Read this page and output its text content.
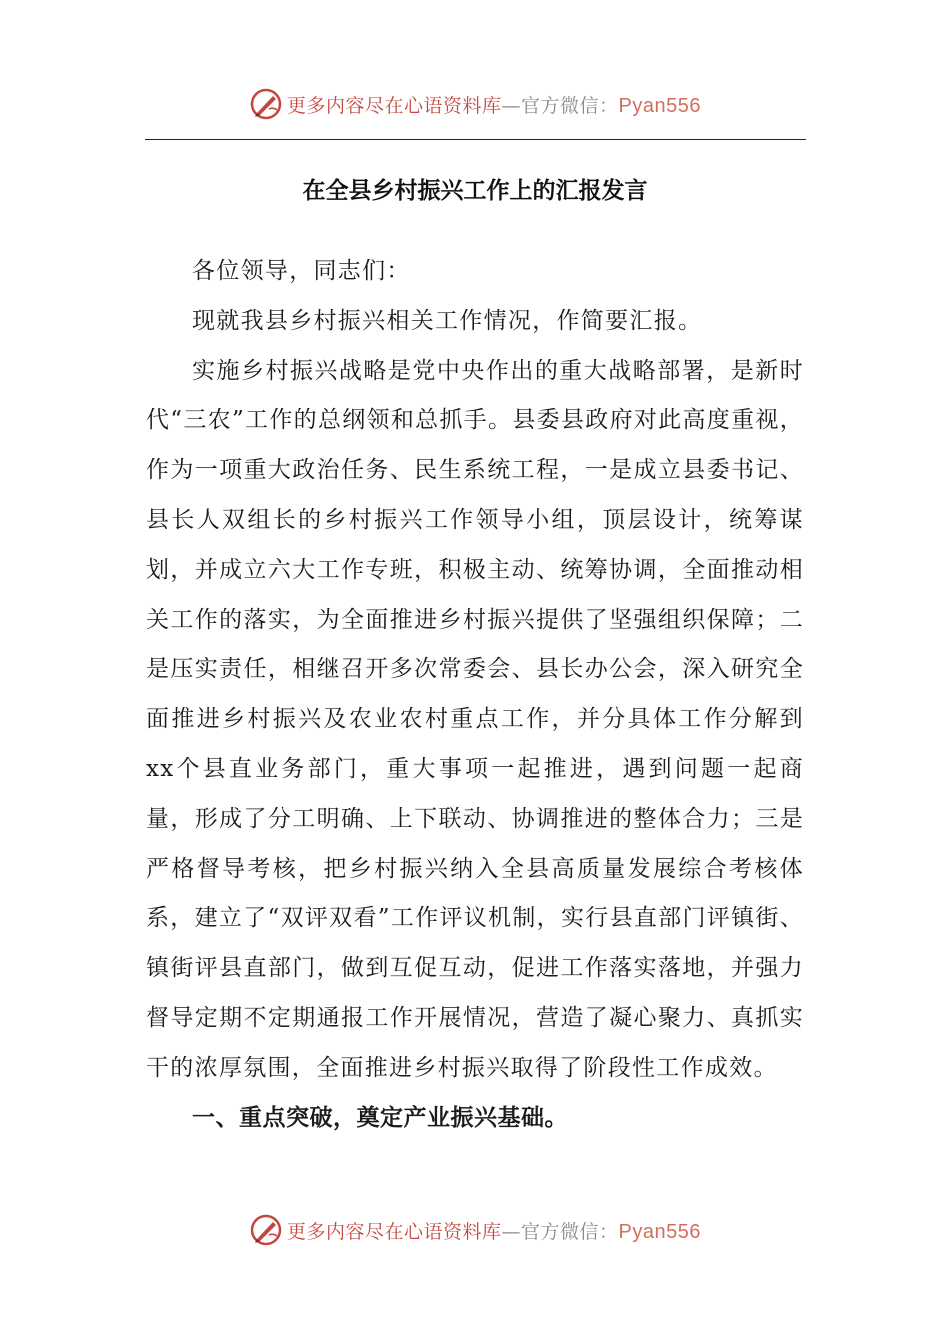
更多内容尽在心语资料库—官方微信：Pyan556
在全县乡村振兴工作上的汇报发言

各位领导，同志们：

现就我县乡村振兴相关工作情况，作简要汇报。

实施乡村振兴战略是党中央作出的重大战略部署，是新时代“三农”工作的总纲领和总抓手。县委县政府对此高度重视，作为一项重大政治任务、民生系统工程，一是成立县委书记、县长人双组长的乡村振兴工作领导小组，顶层设计，统筹谋划，并成立六大工作专班，积极主动、统筹协调，全面推动相关工作的落实，为全面推进乡村振兴提供了坚强组织保障；二是压实责任，相继召开多次常委会、县长办公会，深入研究全面推进乡村振兴及农业农村重点工作，并分具体工作分解到xx个县直业务部门，重大事项一起推进，遇到问题一起商量，形成了分工明确、上下联动、协调推进的整体合力；三是严格督导考核，把乡村振兴纳入全县高质量发展综合考核体系，建立了“双评双看”工作评议机制，实行县直部门评镇街、镇街评县直部门，做到互促互动，促进工作落实落地，并强力督导定期不定期通报工作开展情况，营造了凝心聚力、真抓实干的浓厚氛围，全面推进乡村振兴取得了阶段性工作成效。

一、重点突破，奠定产业振兴基础。

更多内容尽在心语资料库—官方微信：Pyan556
